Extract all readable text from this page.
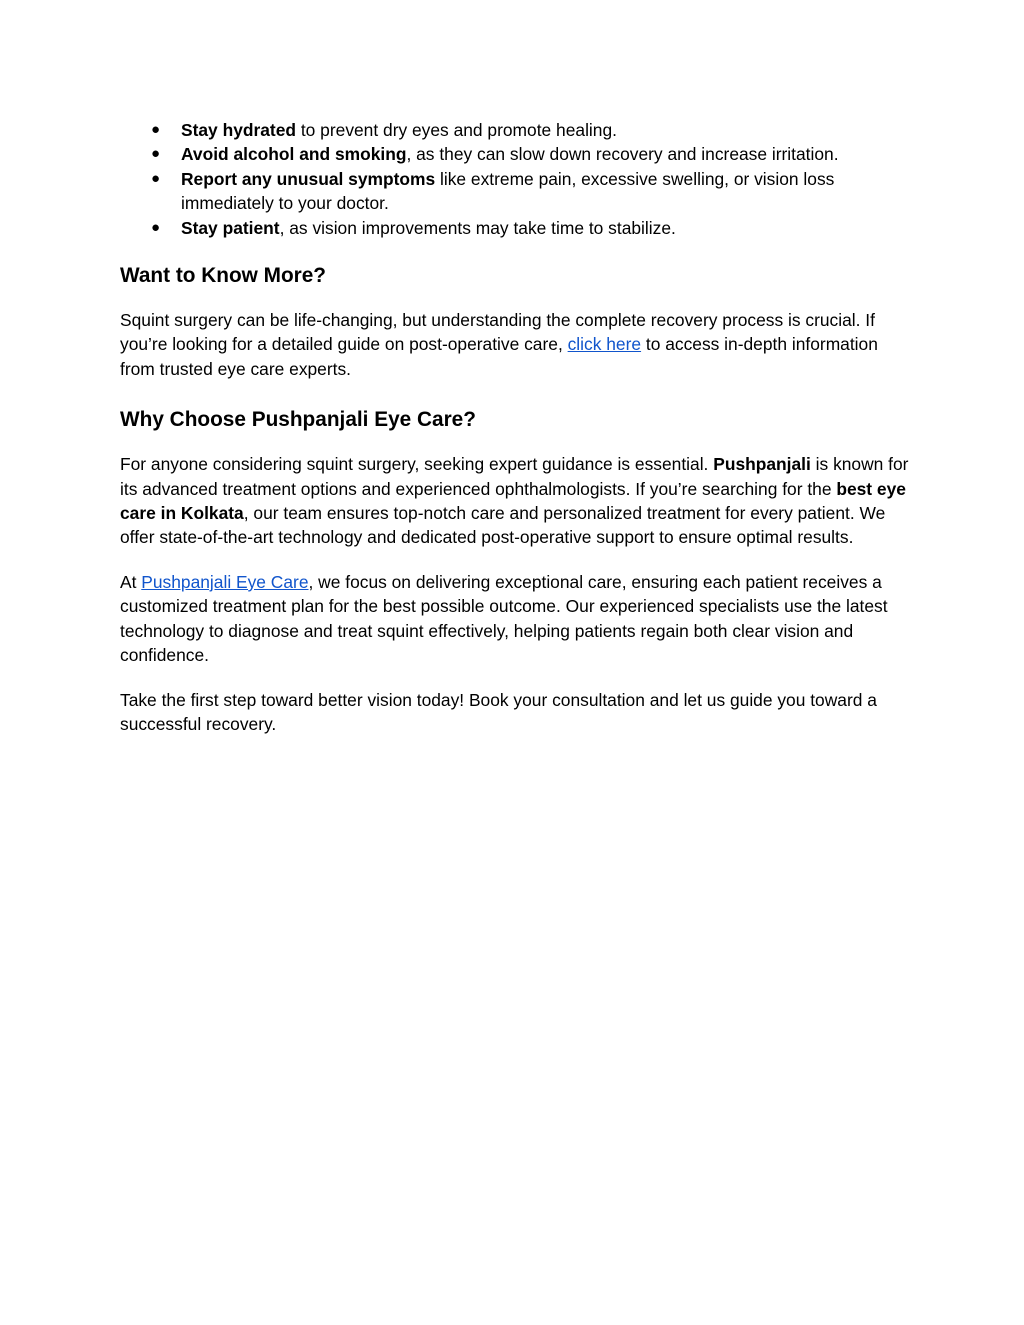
● Stay hydrated to prevent dry eyes and promote healing.
● Avoid alcohol and smoking, as they can slow down recovery and increase irritation.
● Report any unusual symptoms like extreme pain, excessive swelling, or vision loss immediately to your doctor.
● Stay patient, as vision improvements may take time to stabilize.
Want to Know More?

Squint surgery can be life-changing, but understanding the complete recovery process is crucial. If you’re looking for a detailed guide on post-operative care, click here to access in-depth information from trusted eye care experts.

Why Choose Pushpanjali Eye Care?

For anyone considering squint surgery, seeking expert guidance is essential. Pushpanjali is known for its advanced treatment options and experienced ophthalmologists. If you’re searching for the best eye care in Kolkata, our team ensures top-notch care and personalized treatment for every patient. We offer state-of-the-art technology and dedicated post-operative support to ensure optimal results.

At Pushpanjali Eye Care, we focus on delivering exceptional care, ensuring each patient receives a customized treatment plan for the best possible outcome. Our experienced specialists use the latest technology to diagnose and treat squint effectively, helping patients regain both clear vision and confidence.

Take the first step toward better vision today! Book your consultation and let us guide you toward a successful recovery.
